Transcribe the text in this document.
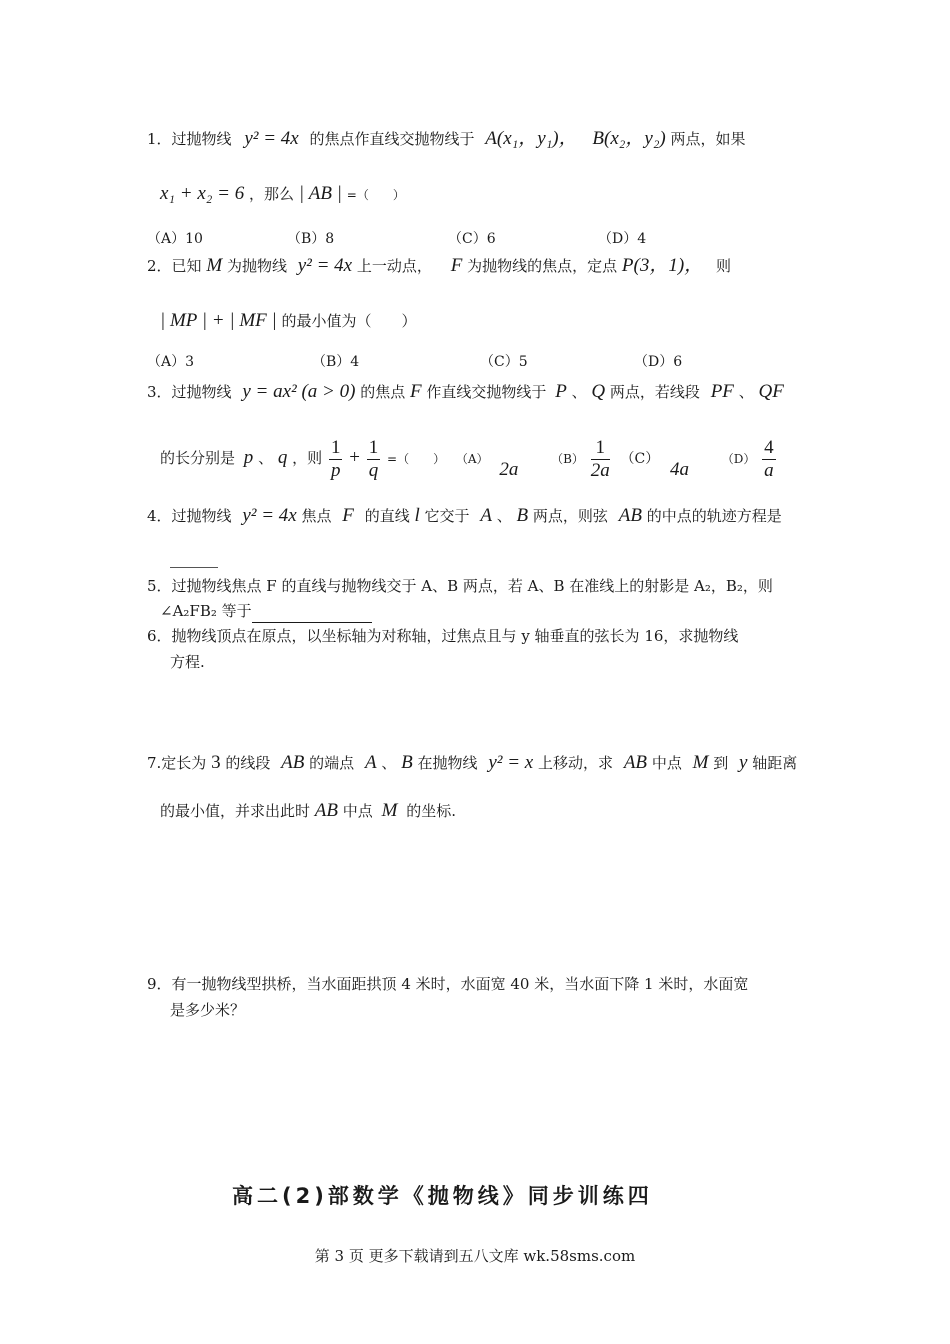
1．过抛物线 y² = 4x 的焦点作直线交抛物线于 A(x₁，y₁)， B(x₂，y₂) 两点，如果
x₁ + x₂ = 6 ，那么 | AB | =（　　）
（A）10	（B）8	（C）6	（D）4
2．已知 M 为抛物线 y² = 4x 上一动点， F 为抛物线的焦点，定点 P(3，1)， 则
| MP | + | MF | 的最小值为（　　）
（A）3	（B）4	（C）5	（D）6
3．过抛物线 y = ax² (a > 0) 的焦点 F 作直线交抛物线于 P 、 Q 两点，若线段 PF 、 QF
的长分别是 p 、 q ，则 $\frac{1}{p} + \frac{1}{q}$ =（　　） （A） 2a	$(B) \frac{1}{2a} (C)$ 4a	$(D) \frac{4}{a}$
4．过抛物线 y² = 4x 焦点 F 的直线 l 它交于 A 、 B 两点，则弦 AB 的中点的轨迹方程是
5．过抛物线焦点 F 的直线与抛物线交于 A、B 两点，若 A、B 在准线上的射影是 A₂，B₂，则
∠A₂FB₂ 等于
6．抛物线顶点在原点，以坐标轴为对称轴，过焦点且与 y 轴垂直的弦长为 16，求抛物线
方程.
7.定长为 3 的线段 AB 的端点 A 、 B 在抛物线 y² = x 上移动，求 AB 中点 M 到 y 轴距离
的最小值，并求出此时 AB 中点 M 的坐标.
9．有一抛物线型拱桥，当水面距拱顶 4 米时，水面宽 40 米，当水面下降 1 米时，水面宽
是多少米？
高二(2)部数学《抛物线》同步训练四
第 3 页 更多下载请到五八文库 wk.58sms.com
